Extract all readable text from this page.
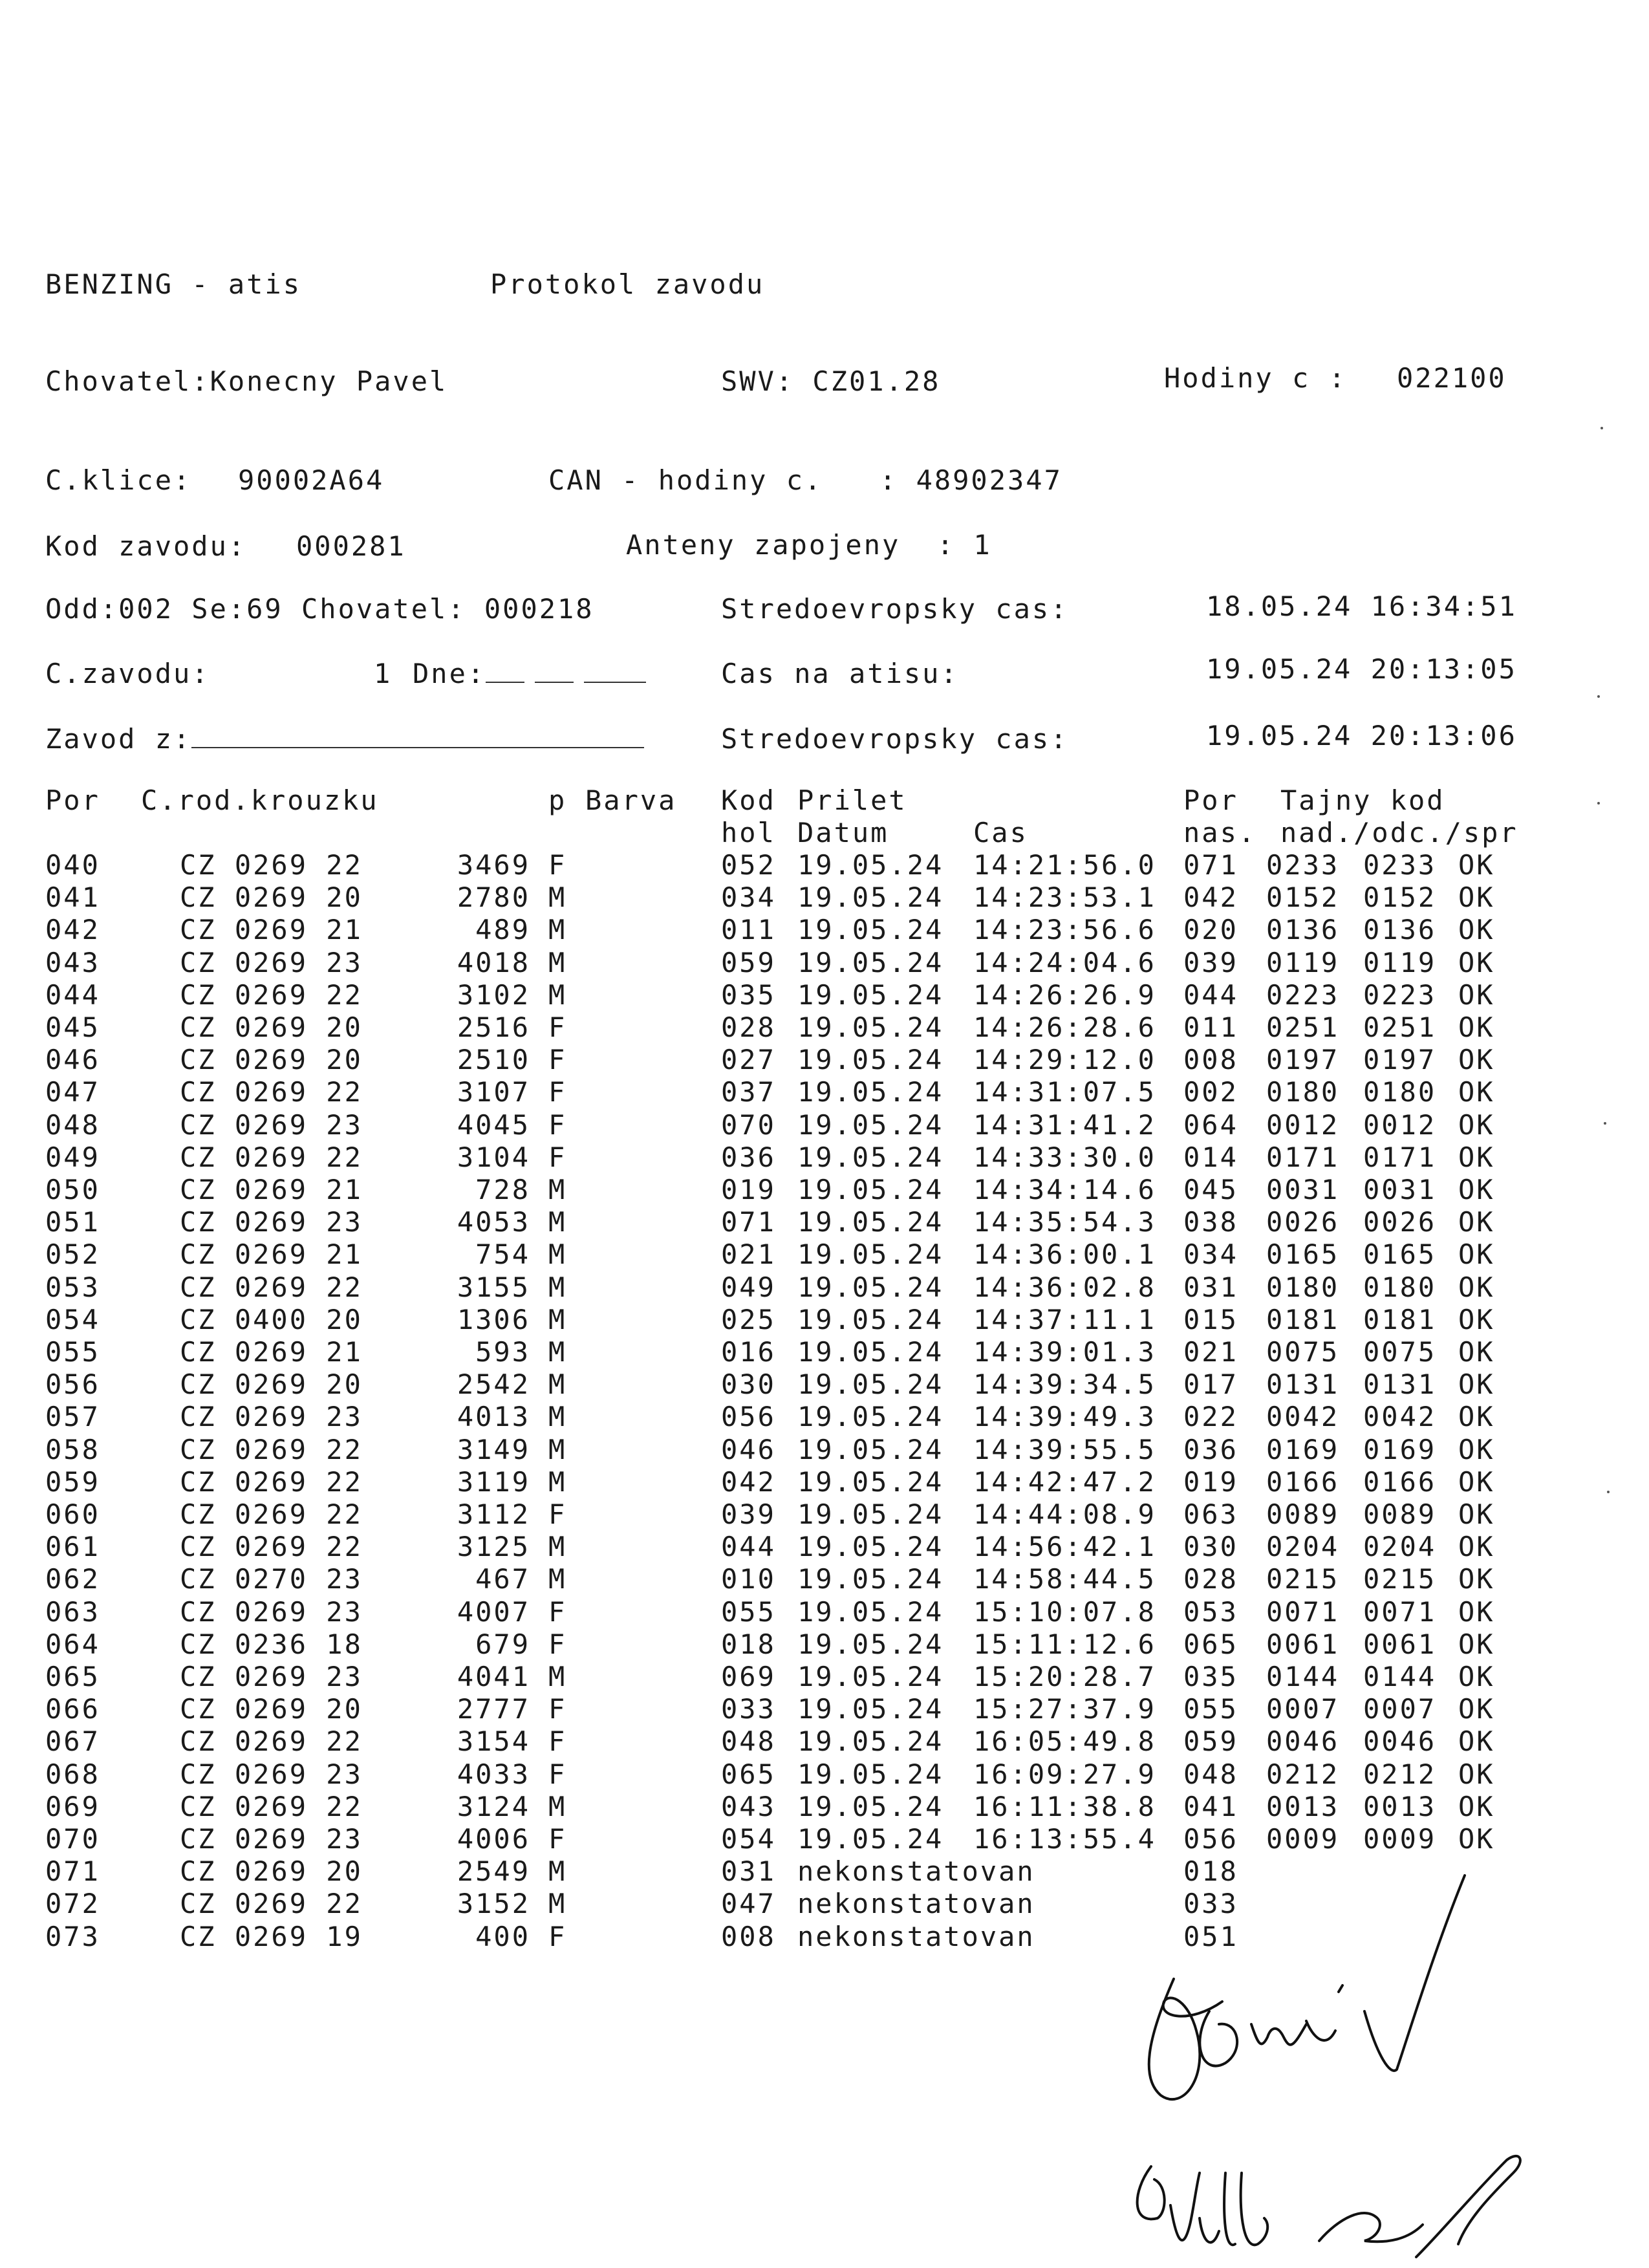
BENZING - atis	Protokol zavodu
Chovatel:Konecny Pavel	SWV: CZ01.28	Hodiny c : 022100
C.klice: 90002A64	CAN - hodiny c. : 48902347
Kod zavodu: 000281	Anteny zapojeny  : 1
Odd:002 Se:69 Chovatel: 000218	Stredoevropsky cas:	18.05.24 16:34:51
C.zavodu:	1 Dne:	Cas na atisu:	19.05.24 20:13:05
Zavod z:	Stredoevropsky cas:	19.05.24 20:13:06
Por C.rod.krouzku	p Barva Kod Prilet	Por Tajny kod
hol Datum	Cas	nas. nad./odc./spr
040	CZ 0269 22	3469 F	052 19.05.24 14:21:56.0 071 0233 0233 OK
041	CZ 0269 20	2780 M	034 19.05.24 14:23:53.1 042 0152 0152 OK
042	CZ 0269 21	489 M	011 19.05.24 14:23:56.6 020 0136 0136 OK
043	CZ 0269 23	4018 M	059 19.05.24 14:24:04.6 039 0119 0119 OK
044	CZ 0269 22	3102 M	035 19.05.24 14:26:26.9 044 0223 0223 OK
045	CZ 0269 20	2516 F	028 19.05.24 14:26:28.6 011 0251 0251 OK
046	CZ 0269 20	2510 F	027 19.05.24 14:29:12.0 008 0197 0197 OK
047	CZ 0269 22	3107 F	037 19.05.24 14:31:07.5 002 0180 0180 OK
048	CZ 0269 23	4045 F	070 19.05.24 14:31:41.2 064 0012 0012 OK
049	CZ 0269 22	3104 F	036 19.05.24 14:33:30.0 014 0171 0171 OK
050	CZ 0269 21	728 M	019 19.05.24 14:34:14.6 045 0031 0031 OK
051	CZ 0269 23	4053 M	071 19.05.24 14:35:54.3 038 0026 0026 OK
052	CZ 0269 21	754 M	021 19.05.24 14:36:00.1 034 0165 0165 OK
053	CZ 0269 22	3155 M	049 19.05.24 14:36:02.8 031 0180 0180 OK
054	CZ 0400 20	1306 M	025 19.05.24 14:37:11.1 015 0181 0181 OK
055	CZ 0269 21	593 M	016 19.05.24 14:39:01.3 021 0075 0075 OK
056	CZ 0269 20	2542 M	030 19.05.24 14:39:34.5 017 0131 0131 OK
057	CZ 0269 23	4013 M	056 19.05.24 14:39:49.3 022 0042 0042 OK
058	CZ 0269 22	3149 M	046 19.05.24 14:39:55.5 036 0169 0169 OK
059	CZ 0269 22	3119 M	042 19.05.24 14:42:47.2 019 0166 0166 OK
060	CZ 0269 22	3112 F	039 19.05.24 14:44:08.9 063 0089 0089 OK
061	CZ 0269 22	3125 M	044 19.05.24 14:56:42.1 030 0204 0204 OK
062	CZ 0270 23	467 M	010 19.05.24 14:58:44.5 028 0215 0215 OK
063	CZ 0269 23	4007 F	055 19.05.24 15:10:07.8 053 0071 0071 OK
064	CZ 0236 18	679 F	018 19.05.24 15:11:12.6 065 0061 0061 OK
065	CZ 0269 23	4041 M	069 19.05.24 15:20:28.7 035 0144 0144 OK
066	CZ 0269 20	2777 F	033 19.05.24 15:27:37.9 055 0007 0007 OK
067	CZ 0269 22	3154 F	048 19.05.24 16:05:49.8 059 0046 0046 OK
068	CZ 0269 23	4033 F	065 19.05.24 16:09:27.9 048 0212 0212 OK
069	CZ 0269 22	3124 M	043 19.05.24 16:11:38.8 041 0013 0013 OK
070	CZ 0269 23	4006 F	054 19.05.24 16:13:55.4 056 0009 0009 OK
071	CZ 0269 20	2549 M	031 nekonstatovan	018
072	CZ 0269 22	3152 M	047 nekonstatovan	033
073	CZ 0269 19	400 F	008 nekonstatovan	051
